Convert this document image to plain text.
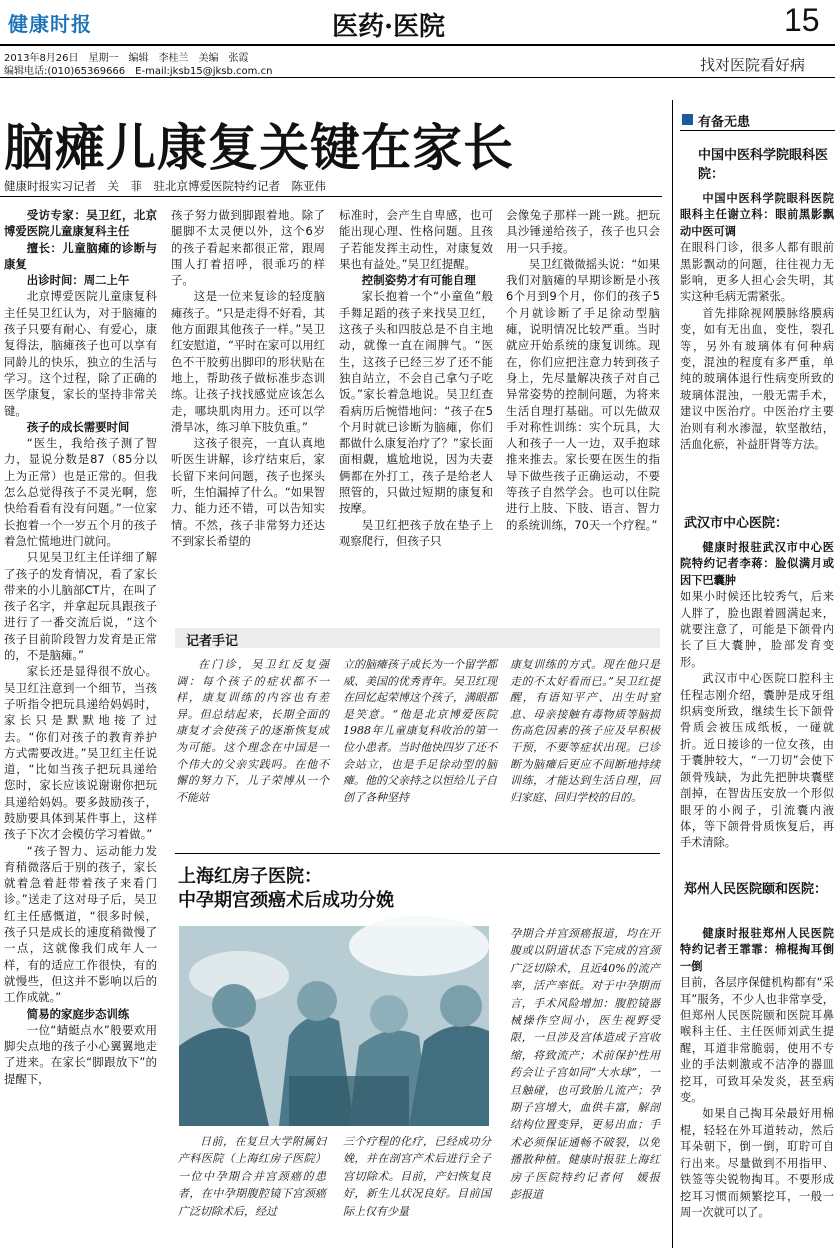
健康时报	医药·医院	15
2013年8月26日　星期一　编辑　李桂兰　美编　张霞
编辑电话:(010)65369666　E-mail:jksb15@jksb.com.cn	找对医院看好病
脑瘫儿康复关键在家长
健康时报实习记者　关　菲　驻北京博爱医院特约记者　陈亚伟

受访专家：吴卫红，北京博爱医院儿童康复科主任

擅长：儿童脑瘫的诊断与康复

出诊时间：周二上午

北京博爱医院儿童康复科主任吴卫红认为，对于脑瘫的孩子只要有耐心、有爱心，康复得法，脑瘫孩子也可以享有同龄儿的快乐，独立的生活与学习。这个过程，除了正确的医学康复，家长的坚持非常关键。

孩子的成长需要时间

“医生，我给孩子测了智力，显说分数是87（85分以上为正常）也是正常的。但我怎么总觉得孩子不灵光啊，您快给看看有没有问题。”一位家长抱着一个一岁五个月的孩子着急忙慌地进门就问。

只见吴卫红主任详细了解了孩子的发育情况，看了家长带来的小儿脑部CT片，在叫了孩子名字，并拿起玩具跟孩子进行了一番交流后说，“这个孩子目前阶段智力发育是正常的，不是脑瘫。”

家长还是显得很不放心。吴卫红注意到一个细节，当孩子听指令把玩具递给妈妈时，家长只是默默地接了过去。“你们对孩子的教育养护方式需要改进。”吴卫红主任说道，“比如当孩子把玩具递给您时，家长应该说谢谢你把玩具递给妈妈。要多鼓励孩子，鼓励要具体到某件事上，这样孩子下次才会模仿学习着做。”

“孩子智力、运动能力发育稍微落后于别的孩子，家长就着急着赶带着孩子来看门诊。”送走了这对母子后，吴卫红主任感慨道，“很多时候，孩子只是成长的速度稍微慢了一点，这就像我们成年人一样，有的适应工作很快，有的就慢些，但这并不影响以后的工作成就。”

简易的家庭步态训练

一位“蜻蜓点水”般要欢用脚尖点地的孩子小心翼翼地走了进来。在家长“脚跟放下”的提醒下，

孩子努力做到脚跟着地。除了腿脚不太灵便以外，这个6岁的孩子看起来都很正常，跟周围人打着招呼，很乖巧的样子。

这是一位来复诊的轻度脑瘫孩子。“只是走得不好看，其他方面跟其他孩子一样。”吴卫红安慰道，“平时在家可以用红色不干胶剪出脚印的形状贴在地上，帮助孩子做标准步态训练。让孩子找找感觉应该怎么走，哪块肌肉用力。还可以学滑旱冰，练习单下肢负重。”

这孩子很亮，一直认真地听医生讲解，诊疗结束后，家长留下来问问题，孩子也探头听，生怕漏掉了什么。“如果智力、能力还不错，可以告知实情。不然，孩子非常努力还达不到家长希望的

标准时，会产生自卑感，也可能出现心理、性格问题。且孩子若能发挥主动性，对康复效果也有益处。”吴卫红提醒。

控制姿势才有可能自理

家长抱着一个“小童鱼”般手舞足蹈的孩子来找吴卫红，这孩子头和四肢总是不自主地动，就像一直在闹脾气。“医生，这孩子已经三岁了还不能独自站立，不会自己拿勺子吃饭。”家长着急地说。吴卫红查看病历后惋惜地问：“孩子在5个月时就已诊断为脑瘫，你们都做什么康复治疗了？”家长面面相觑，尴尬地说，因为夫妻俩都在外打工，孩子是给老人照管的，只做过短期的康复和按摩。

吴卫红把孩子放在垫子上观察爬行，但孩子只

会像兔子那样一跳一跳。把玩具沙锤递给孩子，孩子也只会用一只手接。

吴卫红微微摇头说：“如果我们对脑瘫的早期诊断是小孩6个月到9个月，你们的孩子5个月就诊断了手足徐动型脑瘫，说明情况比较严重。当时就应开始系统的康复训练。现在，你们应把注意力转到孩子身上，先尽量解决孩子对自己异常姿势的控制问题，为将来生活自理打基础。可以先做双手对称性训练：实个玩具，大人和孩子一人一边，双手抱球推来推去。家长要在医生的指导下做些孩子正确运动，不要等孩子自然学会。也可以住院进行上肢、下肢、语言、智力的系统训练，70天一个疗程。”

记者手记

在门诊，吴卫红反复强调：每个孩子的症状都不一样，康复训练的内容也有差异。但总结起来，长期全面的康复才会使孩子的逐渐恢复成为可能。这个理念在中国是一个伟大的父亲实践吗。在他不懈的努力下，儿子荣博从一个不能站

立的脑瘫孩子成长为一个留学都威、美国的优秀青年。吴卫红现在回忆起荣博这个孩子，满眼都是笑意。“他是北京博爱医院1988年儿童康复科收治的第一位小患者。当时他快四岁了还不会站立，也是手足徐动型的脑瘫。他的父亲持之以恒给儿子自创了各种坚持

康复训练的方式。现在他只是走的不太好看而已。”吴卫红提醒，有语知平产、出生时窒息、母亲接触有毒物质等脑损伤高危因素的孩子应及早积极干预，不要等症状出现。已诊断为脑瘫后更应不间断地持续训练，才能达到生活自理，回归家庭、回归学校的目的。

上海红房子医院：
中孕期宫颈癌术后成功分娩

日前，在复旦大学附属妇产科医院（上海红房子医院）一位中孕期合并宫颈癌的患者，在中孕期腹腔镜下宫颈癌广泛切除术后，经过

三个疗程的化疗，已经成功分娩，并在剖宫产术后进行全子宫切除术。目前，产妇恢复良好，新生儿状况良好。目前国际上仅有少量

孕期合并宫颈癌报道，均在开腹或以阴道状态下完成的宫颈广泛切除术，且近40%的流产率，活产率低。对于中孕期而言，手术风险增加：腹腔镜器械操作空间小，医生视野受限，一旦涉及宫体造成子宫收缩，将致流产；术前保护性用药会让子宫如同“大水球”，一旦触碰，也可致胎儿流产；孕期子宫增大，血供丰富，解剖结构位置变异，更易出血；手术必须保证通畅不破裂，以免播散种植。健康时报驻上海红房子医院特约记者何　媛报　彭报道

有备无患
中国中医科学院眼科医院：

中国中医科学院眼科医院眼科主任谢立科：眼前黑影飘动中医可调

在眼科门诊，很多人都有眼前黑影飘动的问题，往往视力无影响，更多人担心会失明，其实这种毛病无需紧张。

首先排除视网膜脉络膜病变，如有无出血，变性，裂孔等，另外有玻璃体有何种病变，混浊的程度有多严重，单纯的玻璃体退行性病变所致的玻璃体混浊，一般无需手术，建议中医治疗。中医治疗主要治则有利水渗湿，软坚散结，活血化瘀，补益肝肾等方法。

武汉市中心医院：

健康时报驻武汉市中心医院特约记者李蒋：脸似满月或因下巴囊肿

如果小时候还比较秀气，后来人胖了，脸也跟着圆满起来，就要注意了，可能是下颌骨内长了巨大囊肿，脸部发育变形。

武汉市中心医院口腔科主任程志刚介绍，囊肿是成牙组织病变所致，继续生长下颌骨骨质会被压成纸板，一碰就折。近日接诊的一位女孩，由于囊肿较大，“一刀切”会使下颌骨残缺，为此先把肿块囊壁剖掉，在智齿压安放一个形似眼牙的小阀子，引流囊内液体，等下颌骨骨质恢复后，再手术清除。

郑州人民医院颐和医院：

健康时报驻郑州人民医院特约记者王霏霏：棉棍掏耳倒一倒

目前，各层序保健机构都有“采耳”服务，不少人也非常享受，但郑州人民医院颐和医院耳鼻喉科主任、主任医师刘武生提醒，耳道非常脆弱，使用不专业的手法刺激或不洁净的器皿挖耳，可致耳朵发炎，甚至病变。

如果自己掏耳朵最好用棉棍，轻轻在外耳道转动，然后耳朵朝下，倒一倒，耵聍可自行出来。尽量做到不用指甲、铁签等尖锐物掏耳。不要形成挖耳习惯而频繁挖耳，一般一周一次就可以了。
